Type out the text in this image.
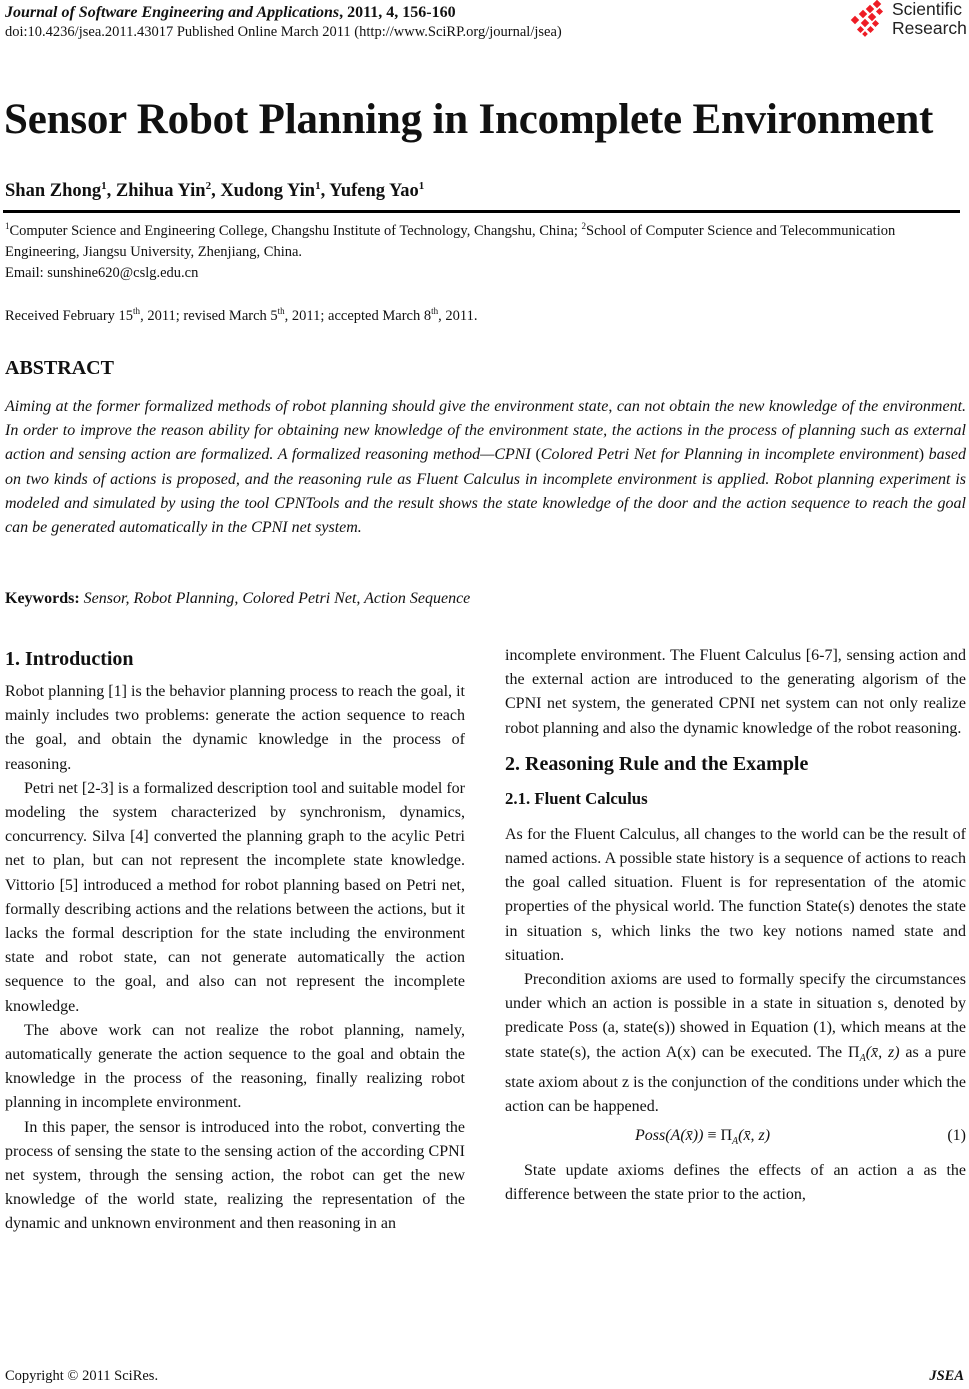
Journal of Software Engineering and Applications, 2011, 4, 156-160
doi:10.4236/jsea.2011.43017 Published Online March 2011 (http://www.SciRP.org/journal/jsea)
Scientific
Research
Sensor Robot Planning in Incomplete Environment
Shan Zhong$^1$, Zhihua Yin$^2$, Xudong Yin$^1$, Yufeng Yao$^1$
$^1$Computer Science and Engineering College, Changshu Institute of Technology, Changshu, China; $^2$School of Computer Science and Telecommunication Engineering, Jiangsu University, Zhenjiang, China.
Email: sunshine620@cslg.edu.cn
Received February 15th, 2011; revised March 5th, 2011; accepted March 8th, 2011.
ABSTRACT
Aiming at the former formalized methods of robot planning should give the environment state, can not obtain the new knowledge of the environment. In order to improve the reason ability for obtaining new knowledge of the environment state, the actions in the process of planning such as external action and sensing action are formalized. A formalized reasoning method—CPNI (Colored Petri Net for Planning in incomplete environment) based on two kinds of actions is proposed, and the reasoning rule as Fluent Calculus in incomplete environment is applied. Robot planning experiment is modeled and simulated by using the tool CPNTools and the result shows the state knowledge of the door and the action sequence to reach the goal can be generated automatically in the CPNI net system.
Keywords: Sensor, Robot Planning, Colored Petri Net, Action Sequence
1. Introduction

Robot planning [1] is the behavior planning process to reach the goal, it mainly includes two problems: generate the action sequence to reach the goal, and obtain the dynamic knowledge in the process of reasoning.

Petri net [2-3] is a formalized description tool and suitable model for modeling the system characterized by synchronism, dynamics, concurrency. Silva [4] converted the planning graph to the acylic Petri net to plan, but can not represent the incomplete state knowledge. Vittorio [5] introduced a method for robot planning based on Petri net, formally describing actions and the relations between the actions, but it lacks the formal description for the state including the environment state and robot state, can not generate automatically the action sequence to the goal, and also can not represent the incomplete knowledge.

The above work can not realize the robot planning, namely, automatically generate the action sequence to the goal and obtain the knowledge in the process of the reasoning, finally realizing robot planning in incomplete environment.

In this paper, the sensor is introduced into the robot, converting the process of sensing the state to the sensing action of the according CPNI net system, through the sensing action, the robot can get the new knowledge of the world state, realizing the representation of the dynamic and unknown environment and then reasoning in an

incomplete environment. The Fluent Calculus [6-7], sensing action and the external action are introduced to the generating algorism of the CPNI net system, the generated CPNI net system can not only realize robot planning and also the dynamic knowledge of the robot reasoning.

2. Reasoning Rule and the Example
2.1. Fluent Calculus

As for the Fluent Calculus, all changes to the world can be the result of named actions. A possible state history is a sequence of actions to reach the goal called situation. Fluent is for representation of the atomic properties of the physical world. The function State(s) denotes the state in situation s, which links the two key notions named state and situation.

Precondition axioms are used to formally specify the circumstances under which an action is possible in a state in situation s, denoted by predicate Poss (a, state(s)) showed in Equation (1), which means at the state state(s), the action A(x) can be executed. The $\Pi_A(x̄$, z) as a pure state axiom about z is the conjunction of the conditions under which the action can be happened.

Poss(A(x̄)) ≡ $\Pi_A(x̄$, z)	(1)

State update axioms defines the effects of an action a as the difference between the state prior to the action,

Copyright © 2011 SciRes.	JSEA
